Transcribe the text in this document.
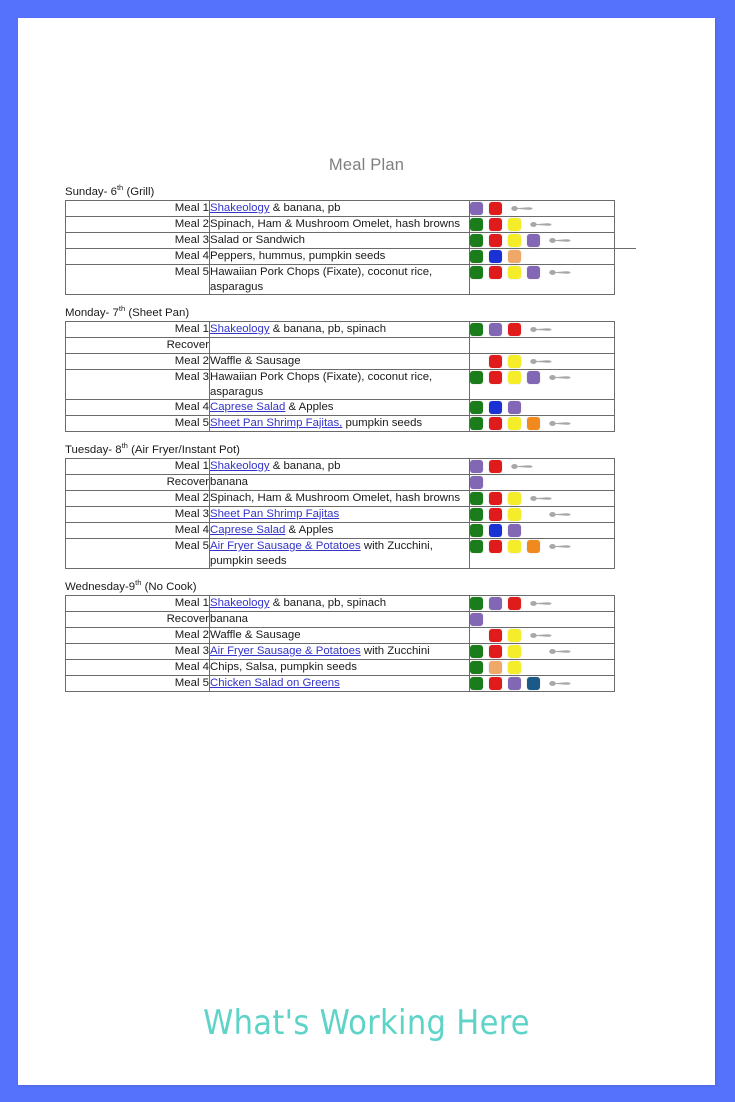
Meal Plan
Sunday- 6th (Grill)
Meal 1	Shakeology & banana, pb	

Meal 2	Spinach, Ham & Mushroom Omelet, hash browns	

Meal 3	Salad or Sandwich	

Meal 4	Peppers, hummus, pumpkin seeds	

Meal 5	Hawaiian Pork Chops (Fixate), coconut rice, asparagus	
Monday- 7th (Sheet Pan)
Meal 1	Shakeology & banana, pb, spinach	

Recover		

Meal 2	Waffle & Sausage	

Meal 3	Hawaiian Pork Chops (Fixate), coconut rice, asparagus	

Meal 4	Caprese Salad & Apples	

Meal 5	Sheet Pan Shrimp Fajitas, pumpkin seeds	
Tuesday- 8th (Air Fryer/Instant Pot)
Meal 1	Shakeology & banana, pb	

Recover	banana	

Meal 2	Spinach, Ham & Mushroom Omelet, hash browns	

Meal 3	Sheet Pan Shrimp Fajitas	

Meal 4	Caprese Salad & Apples	

Meal 5	Air Fryer Sausage & Potatoes with Zucchini, pumpkin seeds	
Wednesday-9th (No Cook)
Meal 1	Shakeology & banana, pb, spinach	

Recover	banana	

Meal 2	Waffle & Sausage	

Meal 3	Air Fryer Sausage & Potatoes with Zucchini	

Meal 4	Chips, Salsa, pumpkin seeds	

Meal 5	Chicken Salad on Greens	
What's Working Here
